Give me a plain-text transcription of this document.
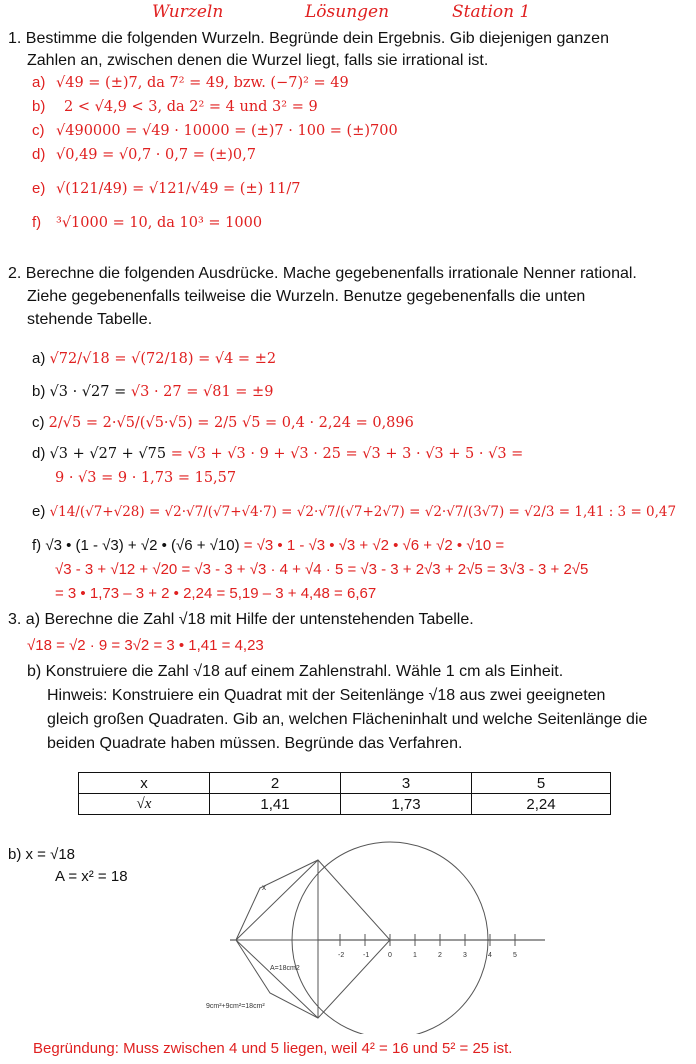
Wurzeln	Lösungen	Station 1
1. Bestimme die folgenden Wurzeln. Begründe dein Ergebnis. Gib diejenigen ganzen
Zahlen an, zwischen denen die Wurzel liegt, falls sie irrational ist.
a) √49 = (±)7, da 7² = 49, bzw. (−7)² = 49
b) 2 < √4,9 < 3, da 2² = 4 und 3² = 9
c) √490000 = √49 · 10000 = (±)7 · 100 = (±)700
d) √0,49 = √0,7 · 0,7 = (±)0,7
e) √(121/49) = √121/√49 = (±) 11/7
f) ³√1000 = 10, da 10³ = 1000
2. Berechne die folgenden Ausdrücke. Mache gegebenenfalls irrationale Nenner rational.
Ziehe gegebenenfalls teilweise die Wurzeln. Benutze gegebenenfalls die unten
stehende Tabelle.
a) √72/√18 = √(72/18) = √4 = ±2
b) √3 · √27 = √3 · 27 = √81 = ±9
c) 2/√5 = 2·√5/(√5·√5) = 2/5 √5 = 0,4 · 2,24 = 0,896
d) √3 + √27 + √75 = √3 + √3 · 9 + √3 · 25 = √3 + 3 · √3 + 5 · √3 =
9 · √3 = 9 · 1,73 = 15,57
e) √14/(√7+√28) = √2·√7/(√7+√4·7) = √2·√7/(√7+2√7) = √2·√7/(3√7) = √2/3 = 1,41 : 3 = 0,47
f) √3 • (1 - √3) + √2 • (√6 + √10) = √3 • 1 - √3 • √3 + √2 • √6 + √2 • √10 =
√3 - 3 + √12 + √20 = √3 - 3 + √3 · 4 + √4 · 5 = √3 - 3 + 2√3 + 2√5 = 3√3 - 3 + 2√5
= 3 • 1,73 – 3 + 2 • 2,24 = 5,19 – 3 + 4,48 = 6,67
3. a) Berechne die Zahl √18 mit Hilfe der untenstehenden Tabelle.
√18 = √2 · 9 = 3√2 = 3 • 1,41 = 4,23
b) Konstruiere die Zahl √18 auf einem Zahlenstrahl. Wähle 1 cm als Einheit.
Hinweis: Konstruiere ein Quadrat mit der Seitenlänge √18 aus zwei geeigneten
gleich großen Quadraten. Gib an, welchen Flächeninhalt und welche Seitenlänge die
beiden Quadrate haben müssen. Begründe das Verfahren.
x	2	3	5
√x	1,41	1,73	2,24
b) x = √18
A = x² = 18
x
A=18cm2
9cm²+9cm²=18cm²
-2	-1	0	1	2	3	4	5
Begründung: Muss zwischen 4 und 5 liegen, weil 4² = 16 und 5² = 25 ist.
